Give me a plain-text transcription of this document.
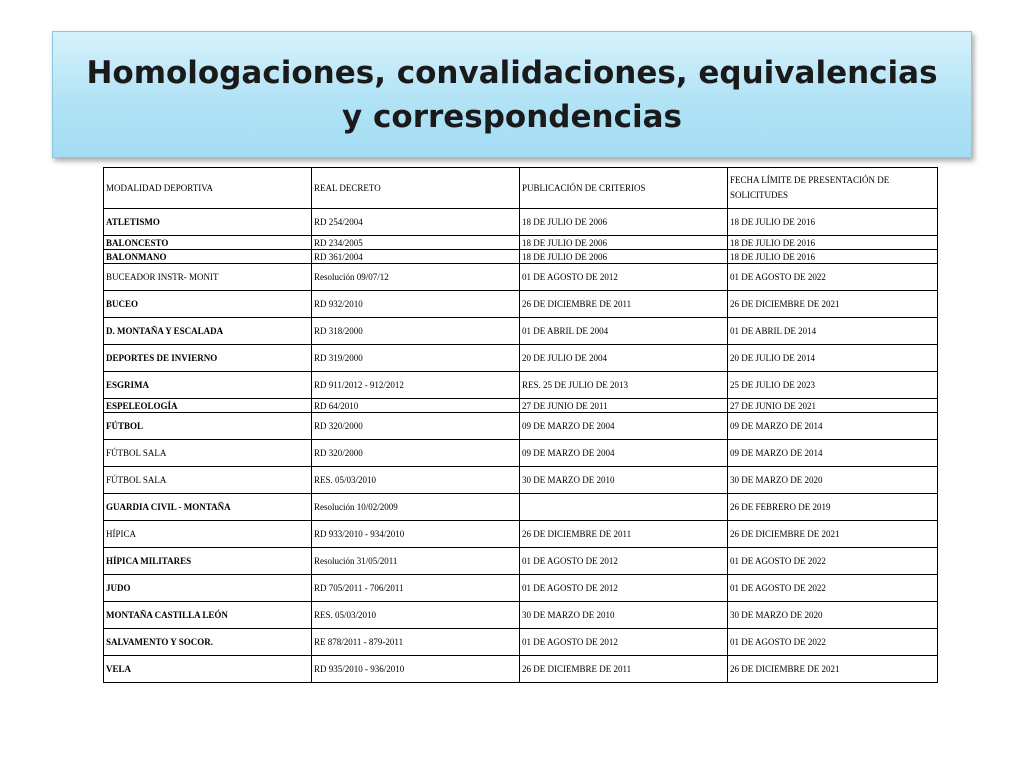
Homologaciones, convalidaciones, equivalencias y correspondencias
MODALIDAD DEPORTIVA	REAL DECRETO	PUBLICACIÓN DE CRITERIOS	FECHA LÍMITE DE PRESENTACIÓN DE SOLICITUDES
ATLETISMO	RD 254/2004	18 DE JULIO DE 2006	18 DE JULIO DE 2016
BALONCESTO	RD 234/2005	18 DE JULIO DE 2006	18 DE JULIO DE 2016
BALONMANO	RD 361/2004	18 DE JULIO DE 2006	18 DE JULIO DE 2016
BUCEADOR INSTR- MONIT	Resolución 09/07/12	01 DE AGOSTO DE 2012	01 DE AGOSTO DE 2022
BUCEO	RD 932/2010	26 DE DICIEMBRE DE 2011	26 DE DICIEMBRE DE 2021
D. MONTAÑA Y ESCALADA	RD 318/2000	01 DE ABRIL DE 2004	01 DE ABRIL DE 2014
DEPORTES DE INVIERNO	RD 319/2000	20 DE JULIO DE 2004	20 DE JULIO DE 2014
ESGRIMA	RD 911/2012 - 912/2012	RES. 25 DE JULIO DE 2013	25 DE JULIO DE 2023
ESPELEOLOGÍA	RD 64/2010	27 DE JUNIO DE 2011	27 DE JUNIO DE 2021
FÚTBOL	RD 320/2000	09 DE MARZO DE 2004	09 DE MARZO DE 2014
FÚTBOL SALA	RD 320/2000	09 DE MARZO DE 2004	09 DE MARZO DE 2014
FÚTBOL SALA	RES. 05/03/2010	30 DE MARZO DE 2010	30 DE MARZO DE 2020
GUARDIA CIVIL - MONTAÑA	Resolución 10/02/2009		26 DE FEBRERO DE 2019
HÍPICA	RD 933/2010 - 934/2010	26 DE DICIEMBRE DE 2011	26 DE DICIEMBRE DE 2021
HÍPICA MILITARES	Resolución 31/05/2011	01 DE AGOSTO DE 2012	01 DE AGOSTO DE 2022
JUDO	RD 705/2011 - 706/2011	01 DE AGOSTO DE 2012	01 DE AGOSTO DE 2022
MONTAÑA CASTILLA LEÓN	RES. 05/03/2010	30 DE MARZO DE 2010	30 DE MARZO DE 2020
SALVAMENTO Y SOCOR.	RE 878/2011 - 879-2011	01 DE AGOSTO DE 2012	01 DE AGOSTO DE 2022
VELA	RD 935/2010 - 936/2010	26 DE DICIEMBRE DE 2011	26 DE DICIEMBRE DE 2021
